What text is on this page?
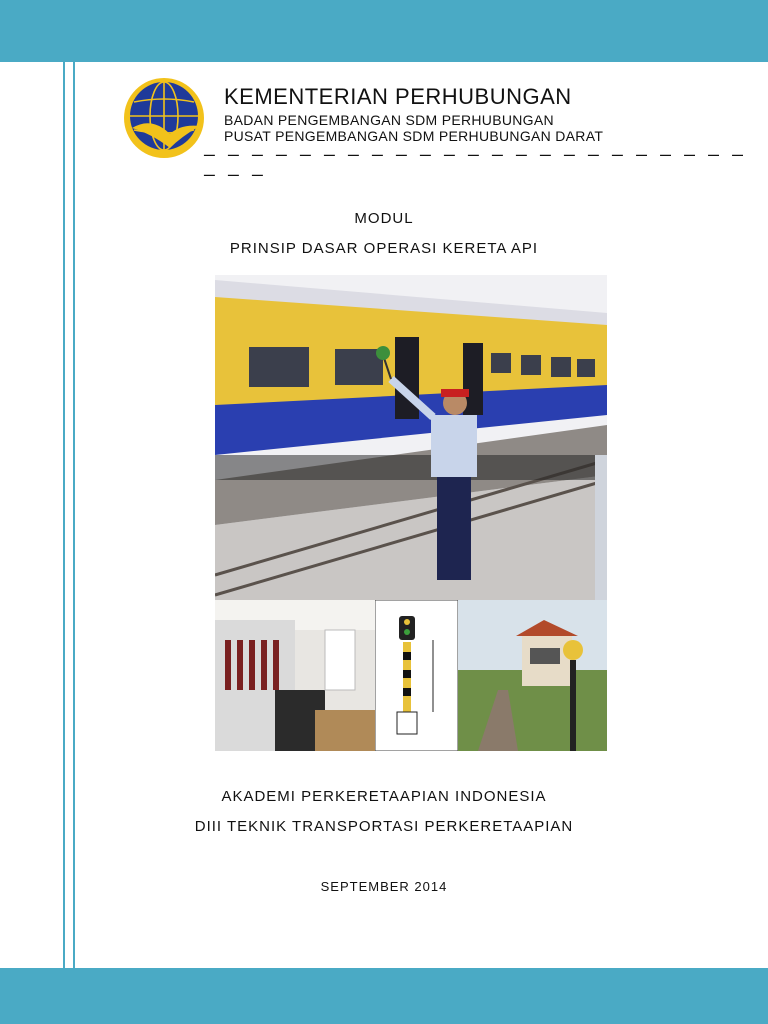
KEMENTERIAN PERHUBUNGAN
BADAN PENGEMBANGAN SDM PERHUBUNGAN
PUSAT PENGEMBANGAN SDM PERHUBUNGAN DARAT
— — — — — — — — — — — — — — — — — — — — — — — — — —
MODUL
PRINSIP DASAR OPERASI KERETA API
AKADEMI PERKERETAAPIAN INDONESIA
DIII TEKNIK TRANSPORTASI PERKERETAAPIAN
SEPTEMBER 2014
